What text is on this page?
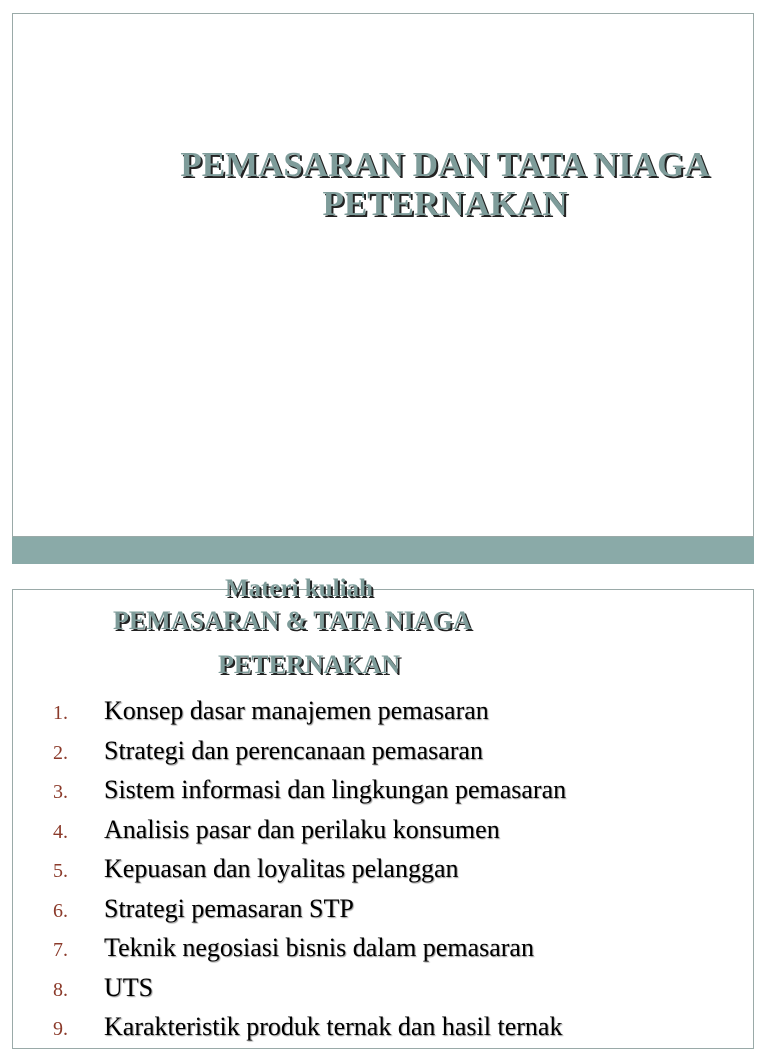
PEMASARAN DAN TATA NIAGA
PETERNAKAN
Materi kuliah
PEMASARAN & TATA NIAGA
PETERNAKAN
1.	Konsep dasar manajemen pemasaran
2.	Strategi dan perencanaan pemasaran
3.	Sistem informasi dan lingkungan pemasaran
4.	Analisis pasar dan perilaku konsumen
5.	Kepuasan dan loyalitas pelanggan
6.	Strategi pemasaran STP
7.	Teknik negosiasi bisnis dalam pemasaran
8.	UTS
9.	Karakteristik produk ternak dan hasil ternak
